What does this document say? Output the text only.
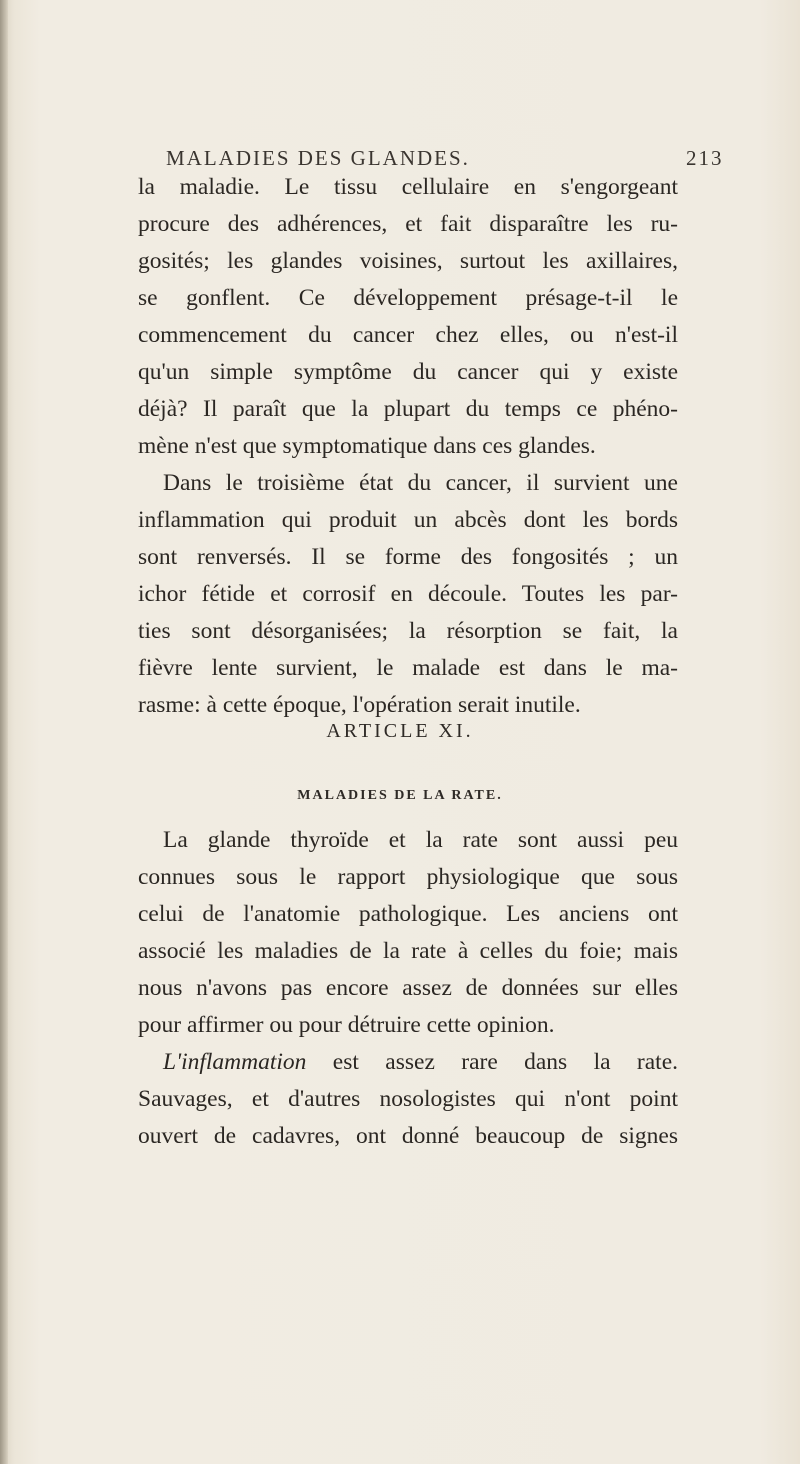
MALADIES DES GLANDES.	213
la maladie. Le tissu cellulaire en s'engorgeant
procure des adhérences, et fait disparaître les ru-
gosités; les glandes voisines, surtout les axillaires,
se gonflent. Ce développement présage-t-il le
commencement du cancer chez elles, ou n'est-il
qu'un simple symptôme du cancer qui y existe
déjà? Il paraît que la plupart du temps ce phéno-
mène n'est que symptomatique dans ces glandes.
Dans le troisième état du cancer, il survient une
inflammation qui produit un abcès dont les bords
sont renversés. Il se forme des fongosités ; un
ichor fétide et corrosif en découle. Toutes les par-
ties sont désorganisées; la résorption se fait, la
fièvre lente survient, le malade est dans le ma-
rasme: à cette époque, l'opération serait inutile.
ARTICLE XI.
MALADIES DE LA RATE.
La glande thyroïde et la rate sont aussi peu
connues sous le rapport physiologique que sous
celui de l'anatomie pathologique. Les anciens ont
associé les maladies de la rate à celles du foie; mais
nous n'avons pas encore assez de données sur elles
pour affirmer ou pour détruire cette opinion.
L'inflammation est assez rare dans la rate.
Sauvages, et d'autres nosologistes qui n'ont point
ouvert de cadavres, ont donné beaucoup de signes
